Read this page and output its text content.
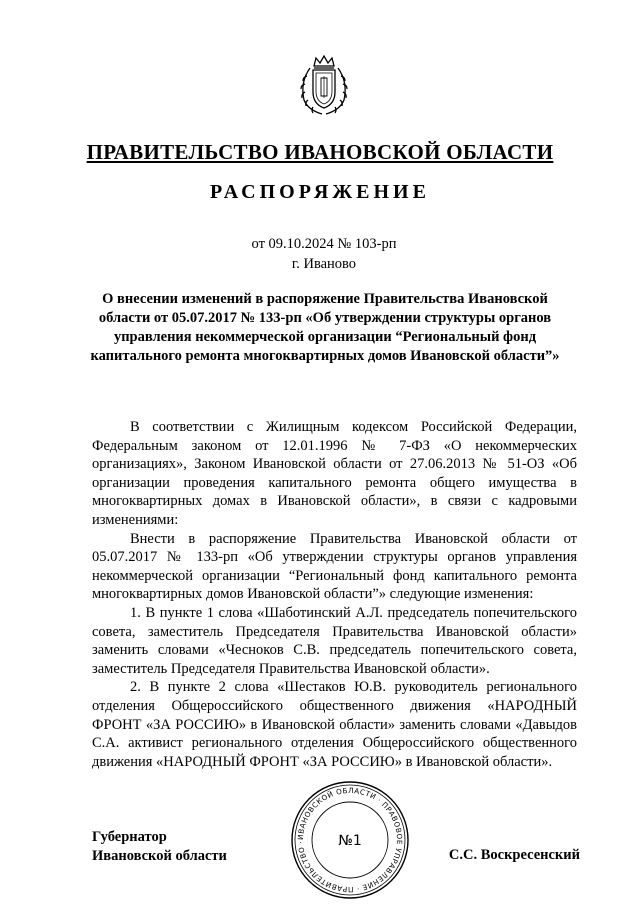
ПРАВИТЕЛЬСТВО ИВАНОВСКОЙ ОБЛАСТИ
РАСПОРЯЖЕНИЕ
от 09.10.2024 № 103-рп
г. Иваново
О внесении изменений в распоряжение Правительства Ивановской области от 05.07.2017 № 133-рп «Об утверждении структуры органов управления некоммерческой организации “Региональный фонд капитального ремонта многоквартирных домов Ивановской области”»

В соответствии с Жилищным кодексом Российской Федерации, Федеральным законом от 12.01.1996 № 7-ФЗ «О некоммерческих организациях», Законом Ивановской области от 27.06.2013 № 51-ОЗ «Об организации проведения капитального ремонта общего имущества в многоквартирных домах в Ивановской области», в связи с кадровыми изменениями:

Внести в распоряжение Правительства Ивановской области от 05.07.2017 № 133-рп «Об утверждении структуры органов управления некоммерческой организации “Региональный фонд капитального ремонта многоквартирных домов Ивановской области”» следующие изменения:

1. В пункте 1 слова «Шаботинский А.Л. председатель попечительского совета, заместитель Председателя Правительства Ивановской области» заменить словами «Чесноков С.В. председатель попечительского совета, заместитель Председателя Правительства Ивановской области».

2. В пункте 2 слова «Шестаков Ю.В. руководитель регионального отделения Общероссийского общественного движения «НАРОДНЫЙ ФРОНТ «ЗА РОССИЮ» в Ивановской области» заменить словами «Давыдов С.А. активист регионального отделения Общероссийского общественного движения «НАРОДНЫЙ ФРОНТ «ЗА РОССИЮ» в Ивановской области».

Губернатор
Ивановской области	С.С. Воскресенский
ИВАНОВСКОЙ ОБЛАСТИ · ПРАВОВОЕ УПРАВЛЕНИЕ · ПРАВИТЕЛЬСТВО ·	№1
